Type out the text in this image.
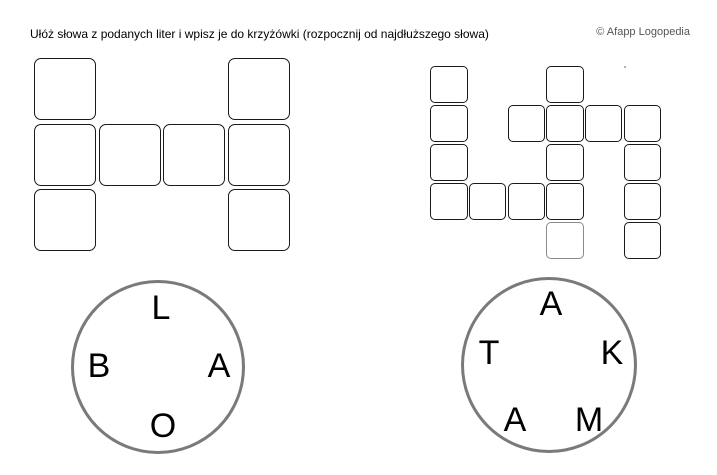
Ułóż słowa z podanych liter i wpisz je do krzyżówki (rozpocznij od najdłuższego słowa)	© Afapp Logopedia
L
A
O
B
A
K
M
A
T
